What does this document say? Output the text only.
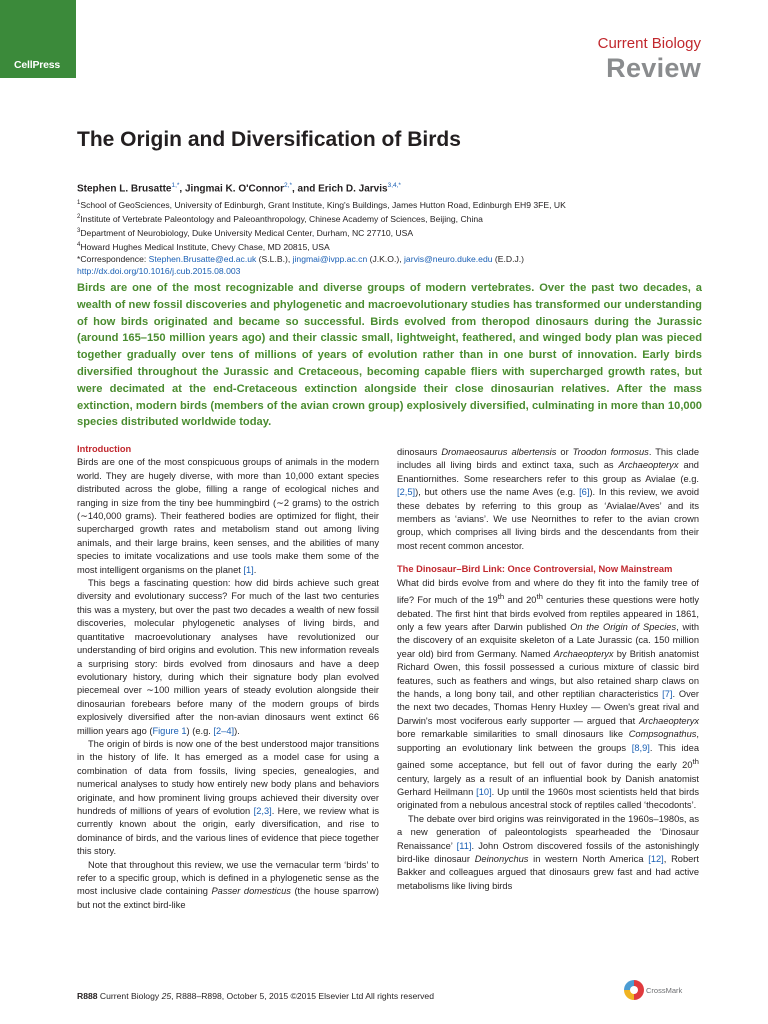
CellPress
Current Biology
Review
The Origin and Diversification of Birds
Stephen L. Brusatte$^{1,*}$, Jingmai K. O'Connor$^{2,*}$, and Erich D. Jarvis$^{3,4,*}$
$^1$School of GeoSciences, University of Edinburgh, Grant Institute, King's Buildings, James Hutton Road, Edinburgh EH9 3FE, UK
$^2$Institute of Vertebrate Paleontology and Paleoanthropology, Chinese Academy of Sciences, Beijing, China
$^3$Department of Neurobiology, Duke University Medical Center, Durham, NC 27710, USA
$^4$Howard Hughes Medical Institute, Chevy Chase, MD 20815, USA
*Correspondence: Stephen.Brusatte@ed.ac.uk (S.L.B.), jingmai@ivpp.ac.cn (J.K.O.), jarvis@neuro.duke.edu (E.D.J.)
http://dx.doi.org/10.1016/j.cub.2015.08.003

Birds are one of the most recognizable and diverse groups of modern vertebrates. Over the past two decades, a wealth of new fossil discoveries and phylogenetic and macroevolutionary studies has transformed our understanding of how birds originated and became so successful. Birds evolved from theropod dinosaurs during the Jurassic (around 165–150 million years ago) and their classic small, lightweight, feathered, and winged body plan was pieced together gradually over tens of millions of years of evolution rather than in one burst of innovation. Early birds diversified throughout the Jurassic and Cretaceous, becoming capable fliers with supercharged growth rates, but were decimated at the end-Cretaceous extinction alongside their close dinosaurian relatives. After the mass extinction, modern birds (members of the avian crown group) explosively diversified, culminating in more than 10,000 species distributed worldwide today.

Introduction

Birds are one of the most conspicuous groups of animals in the modern world. They are hugely diverse, with more than 10,000 extant species distributed across the globe, filling a range of ecological niches and ranging in size from the tiny bee hummingbird (∼2 grams) to the ostrich (∼140,000 grams). Their feathered bodies are optimized for flight, their supercharged growth rates and metabolism stand out among living animals, and their large brains, keen senses, and the abilities of many species to imitate vocalizations and use tools make them some of the most intelligent organisms on the planet [1].

This begs a fascinating question: how did birds achieve such great diversity and evolutionary success? For much of the last two centuries this was a mystery, but over the past two decades a wealth of new fossil discoveries, molecular phylogenetic analyses of living birds, and quantitative macroevolutionary analyses have revolutionized our understanding of bird origins and evolution. This new information reveals a surprising story: birds evolved from dinosaurs and have a deep evolutionary history, during which their signature body plan evolved piecemeal over ∼100 million years of steady evolution alongside their dinosaurian forebears before many of the modern groups of birds explosively diversified after the non-avian dinosaurs went extinct 66 million years ago (Figure 1) (e.g. [2–4]).

The origin of birds is now one of the best understood major transitions in the history of life. It has emerged as a model case for using a combination of data from fossils, living species, genealogies, and numerical analyses to study how entirely new body plans and behaviors originate, and how prominent living groups achieved their diversity over hundreds of millions of years of evolution [2,3]. Here, we review what is currently known about the origin, early diversification, and rise to dominance of birds, and the various lines of evidence that piece together this story.

Note that throughout this review, we use the vernacular term ‘birds’ to refer to a specific group, which is defined in a phylogenetic sense as the most inclusive clade containing Passer domesticus (the house sparrow) but not the extinct bird-like

dinosaurs Dromaeosaurus albertensis or Troodon formosus. This clade includes all living birds and extinct taxa, such as Archaeopteryx and Enantiornithes. Some researchers refer to this group as Avialae (e.g. [2,5]), but others use the name Aves (e.g. [6]). In this review, we avoid these debates by referring to this group as ‘Avialae/Aves’ and its members as ‘avians’. We use Neornithes to refer to the avian crown group, which comprises all living birds and the descendants from their most recent common ancestor.

The Dinosaur–Bird Link: Once Controversial, Now Mainstream

What did birds evolve from and where do they fit into the family tree of life? For much of the 19th and 20th centuries these questions were hotly debated. The first hint that birds evolved from reptiles appeared in 1861, only a few years after Darwin published On the Origin of Species, with the discovery of an exquisite skeleton of a Late Jurassic (ca. 150 million year old) bird from Germany. Named Archaeopteryx by British anatomist Richard Owen, this fossil possessed a curious mixture of classic bird features, such as feathers and wings, but also retained sharp claws on the hands, a long bony tail, and other reptilian characteristics [7]. Over the next two decades, Thomas Henry Huxley — Owen's great rival and Darwin's most vociferous early supporter — argued that Archaeopteryx bore remarkable similarities to small dinosaurs like Compsognathus, supporting an evolutionary link between the groups [8,9]. This idea gained some acceptance, but fell out of favor during the early 20th century, largely as a result of an influential book by Danish anatomist Gerhard Heilmann [10]. Up until the 1960s most scientists held that birds originated from a nebulous ancestral stock of reptiles called ‘thecodonts’.

The debate over bird origins was reinvigorated in the 1960s–1980s, as a new generation of paleontologists spearheaded the ‘Dinosaur Renaissance’ [11]. John Ostrom discovered fossils of the astonishingly bird-like dinosaur Deinonychus in western North America [12], Robert Bakker and colleagues argued that dinosaurs grew fast and had active metabolisms like living birds

R888 Current Biology 25, R888–R898, October 5, 2015 ©2015 Elsevier Ltd All rights reserved
CrossMark
